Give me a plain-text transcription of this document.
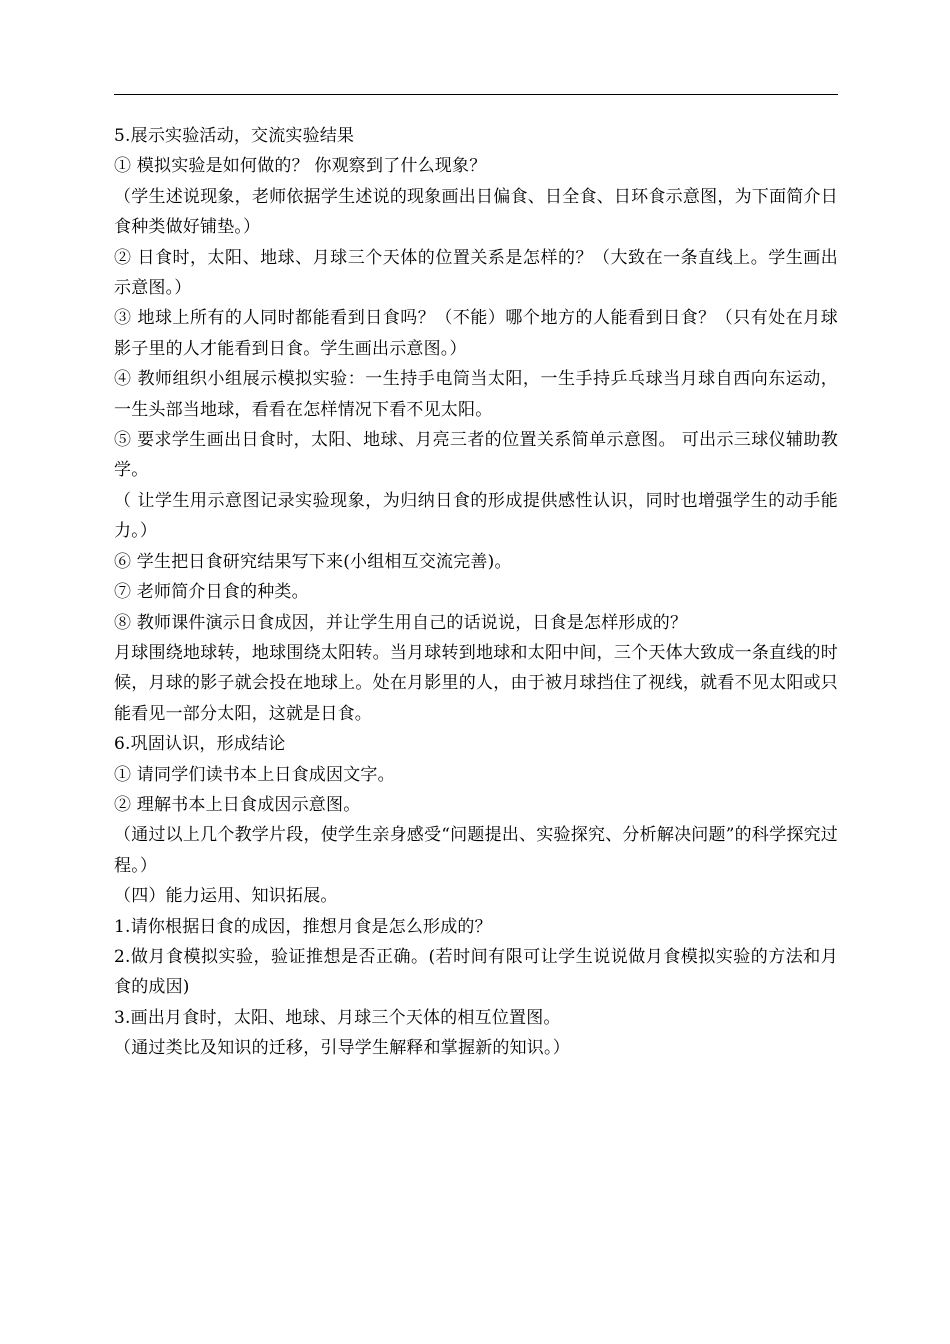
5.展示实验活动，交流实验结果

① 模拟实验是如何做的？ 你观察到了什么现象？

（学生述说现象，老师依据学生述说的现象画出日偏食、日全食、日环食示意图，为下面简介日食种类做好铺垫。）

② 日食时，太阳、地球、月球三个天体的位置关系是怎样的？（大致在一条直线上。学生画出示意图。）

③ 地球上所有的人同时都能看到日食吗？（不能）哪个地方的人能看到日食？（只有处在月球影子里的人才能看到日食。学生画出示意图。）

④ 教师组织小组展示模拟实验：一生持手电筒当太阳，一生手持乒乓球当月球自西向东运动，一生头部当地球，看看在怎样情况下看不见太阳。

⑤ 要求学生画出日食时，太阳、地球、月亮三者的位置关系简单示意图。 可出示三球仪辅助教学。

（ 让学生用示意图记录实验现象，为归纳日食的形成提供感性认识，同时也增强学生的动手能力。）

⑥ 学生把日食研究结果写下来(小组相互交流完善)。

⑦ 老师简介日食的种类。

⑧ 教师课件演示日食成因，并让学生用自己的话说说，日食是怎样形成的？

月球围绕地球转，地球围绕太阳转。当月球转到地球和太阳中间，三个天体大致成一条直线的时候，月球的影子就会投在地球上。处在月影里的人，由于被月球挡住了视线，就看不见太阳或只能看见一部分太阳，这就是日食。

6.巩固认识，形成结论

① 请同学们读书本上日食成因文字。

② 理解书本上日食成因示意图。

（通过以上几个教学片段，使学生亲身感受“问题提出、实验探究、分析解决问题”的科学探究过程。）

（四）能力运用、知识拓展。

1.请你根据日食的成因，推想月食是怎么形成的？

2.做月食模拟实验，验证推想是否正确。(若时间有限可让学生说说做月食模拟实验的方法和月食的成因)

3.画出月食时，太阳、地球、月球三个天体的相互位置图。

（通过类比及知识的迁移，引导学生解释和掌握新的知识。）
